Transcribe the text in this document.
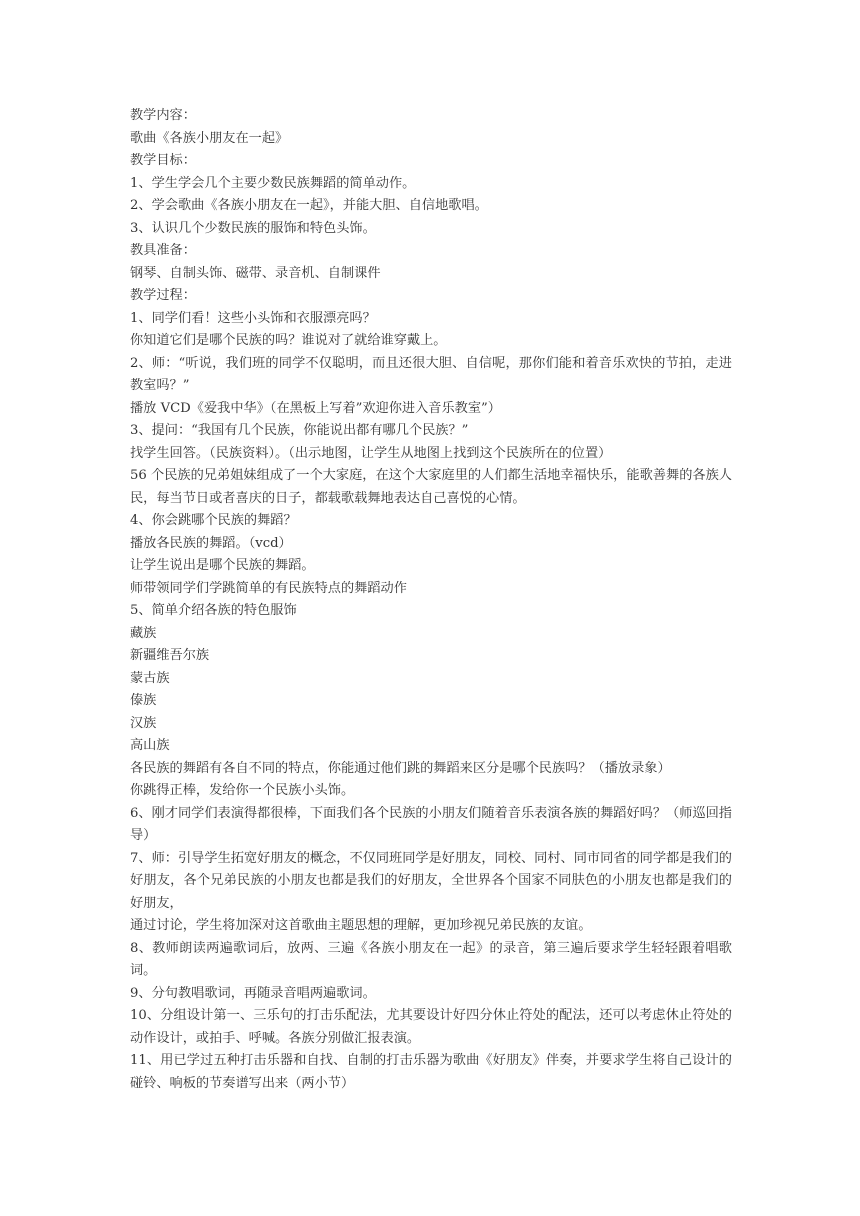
教学内容：
歌曲《各族小朋友在一起》
教学目标：
1、学生学会几个主要少数民族舞蹈的简单动作。
2、学会歌曲《各族小朋友在一起》，并能大胆、自信地歌唱。
3、认识几个少数民族的服饰和特色头饰。
教具准备：
钢琴、自制头饰、磁带、录音机、自制课件
教学过程：
1、同学们看！这些小头饰和衣服漂亮吗？
你知道它们是哪个民族的吗？谁说对了就给谁穿戴上。
2、师：“听说，我们班的同学不仅聪明，而且还很大胆、自信呢，那你们能和着音乐欢快的节拍，走进教室吗？”
播放 VCD《爱我中华》（在黑板上写着”欢迎你进入音乐教室”）
3、提问：“我国有几个民族，你能说出都有哪几个民族？”
找学生回答。（民族资料）。（出示地图，让学生从地图上找到这个民族所在的位置）
56 个民族的兄弟姐妹组成了一个大家庭，在这个大家庭里的人们都生活地幸福快乐，能歌善舞的各族人民，每当节日或者喜庆的日子，都载歌载舞地表达自己喜悦的心情。
4、你会跳哪个民族的舞蹈？
播放各民族的舞蹈。（vcd）
让学生说出是哪个民族的舞蹈。
师带领同学们学跳简单的有民族特点的舞蹈动作
5、简单介绍各族的特色服饰
藏族
新疆维吾尔族
蒙古族
傣族
汉族
高山族
各民族的舞蹈有各自不同的特点，你能通过他们跳的舞蹈来区分是哪个民族吗？（播放录象）
你跳得正棒，发给你一个民族小头饰。
6、刚才同学们表演得都很棒，下面我们各个民族的小朋友们随着音乐表演各族的舞蹈好吗？（师巡回指导）
7、师：引导学生拓宽好朋友的概念，不仅同班同学是好朋友，同校、同村、同市同省的同学都是我们的好朋友，各个兄弟民族的小朋友也都是我们的好朋友，全世界各个国家不同肤色的小朋友也都是我们的好朋友，
通过讨论，学生将加深对这首歌曲主题思想的理解，更加珍视兄弟民族的友谊。
8、教师朗读两遍歌词后，放两、三遍《各族小朋友在一起》的录音，第三遍后要求学生轻轻跟着唱歌词。
9、分句教唱歌词，再随录音唱两遍歌词。
10、分组设计第一、三乐句的打击乐配法，尤其要设计好四分休止符处的配法，还可以考虑休止符处的动作设计，或拍手、呼喊。各族分别做汇报表演。
11、用已学过五种打击乐器和自找、自制的打击乐器为歌曲《好朋友》伴奏，并要求学生将自己设计的碰铃、响板的节奏谱写出来（两小节）
